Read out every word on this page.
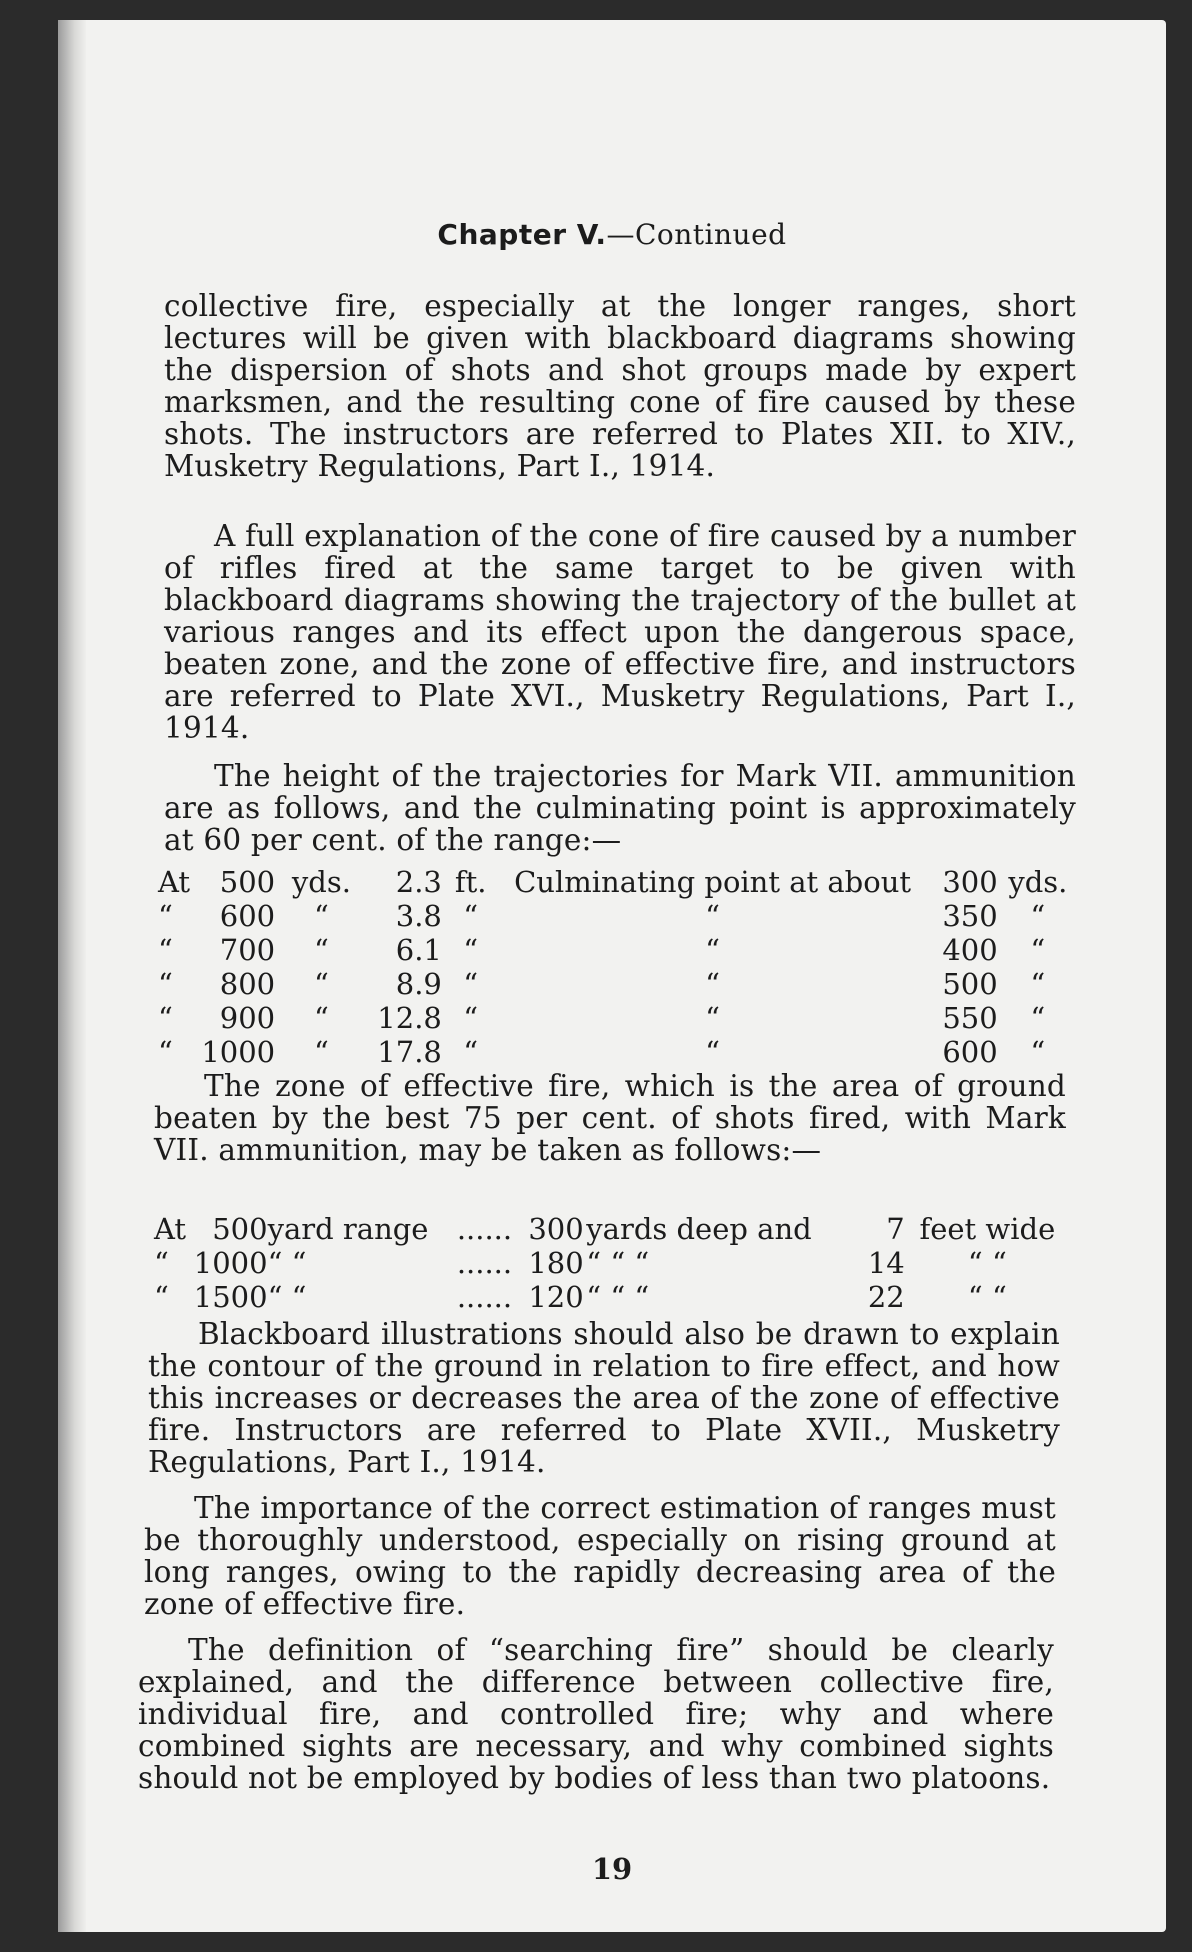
Chapter V.—Continued
collective fire, especially at the longer ranges, short lectures will be given with blackboard diagrams showing the dispersion of shots and shot groups made by expert marksmen, and the resulting cone of fire caused by these shots. The instructors are referred to Plates XII. to XIV., Musketry Regulations, Part I., 1914.
A full explanation of the cone of fire caused by a number of rifles fired at the same target to be given with blackboard diagrams showing the trajectory of the bullet at various ranges and its effect upon the dangerous space, beaten zone, and the zone of effective fire, and instructors are referred to Plate XVI., Musketry Regulations, Part I., 1914.
The height of the trajectories for Mark VII. ammunition are as follows, and the culminating point is approximately at 60 per cent. of the range:—
At	500	yds.	2.3	ft.	Culminating point at about	300	yds.
“	600	“	3.8	“	“	350	“
“	700	“	6.1	“	“	400	“
“	800	“	8.9	“	“	500	“
“	900	“	12.8	“	“	550	“
“	1000	“	17.8	“	“	600	“
The zone of effective fire, which is the area of ground beaten by the best 75 per cent. of shots fired, with Mark VII. ammunition, may be taken as follows:—
At	500	yard range	......	300	yards deep and	7	feet wide
“	1000	“ “	......	180	“ “ “	14	“ “
“	1500	“ “	......	120	“ “ “	22	“ “
Blackboard illustrations should also be drawn to explain the contour of the ground in relation to fire effect, and how this increases or decreases the area of the zone of effective fire. Instructors are referred to Plate XVII., Musketry Regulations, Part I., 1914.
The importance of the correct estimation of ranges must be thoroughly understood, especially on rising ground at long ranges, owing to the rapidly decreasing area of the zone of effective fire.
The definition of “searching fire” should be clearly explained, and the difference between collective fire, individual fire, and controlled fire; why and where combined sights are necessary, and why combined sights should not be employed by bodies of less than two platoons.
19
